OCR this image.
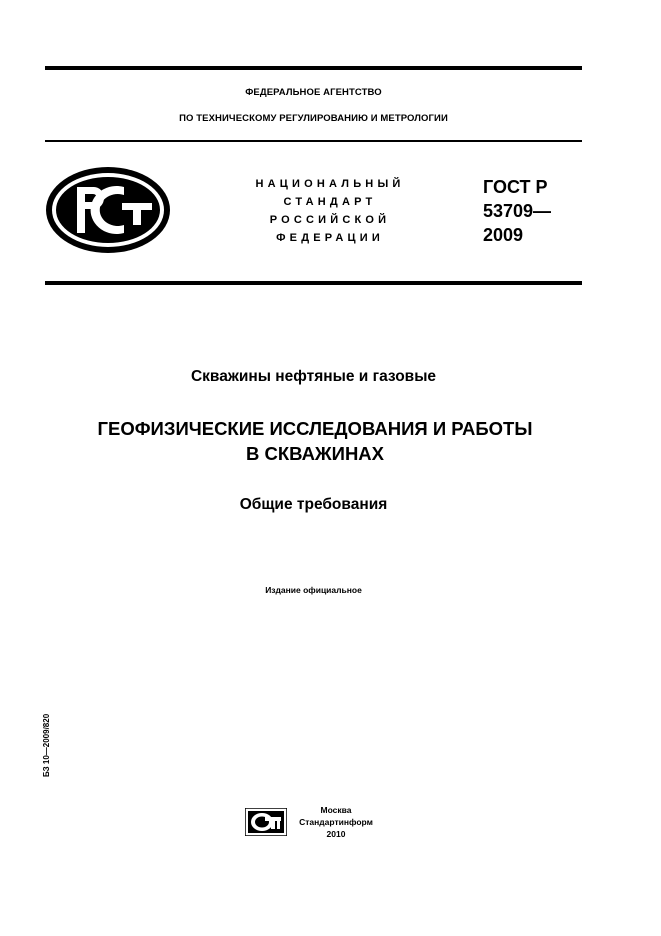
ФЕДЕРАЛЬНОЕ АГЕНТСТВО
ПО ТЕХНИЧЕСКОМУ РЕГУЛИРОВАНИЮ И МЕТРОЛОГИИ
НАЦИОНАЛЬНЫЙ
СТАНДАРТ
РОССИЙСКОЙ
ФЕДЕРАЦИИ
ГОСТ Р
53709—
2009
Скважины нефтяные и газовые
ГЕОФИЗИЧЕСКИЕ ИССЛЕДОВАНИЯ И РАБОТЫ
В СКВАЖИНАХ
Общие требования
Издание официальное
БЗ 10—2009/820
Москва
Стандартинформ
2010
